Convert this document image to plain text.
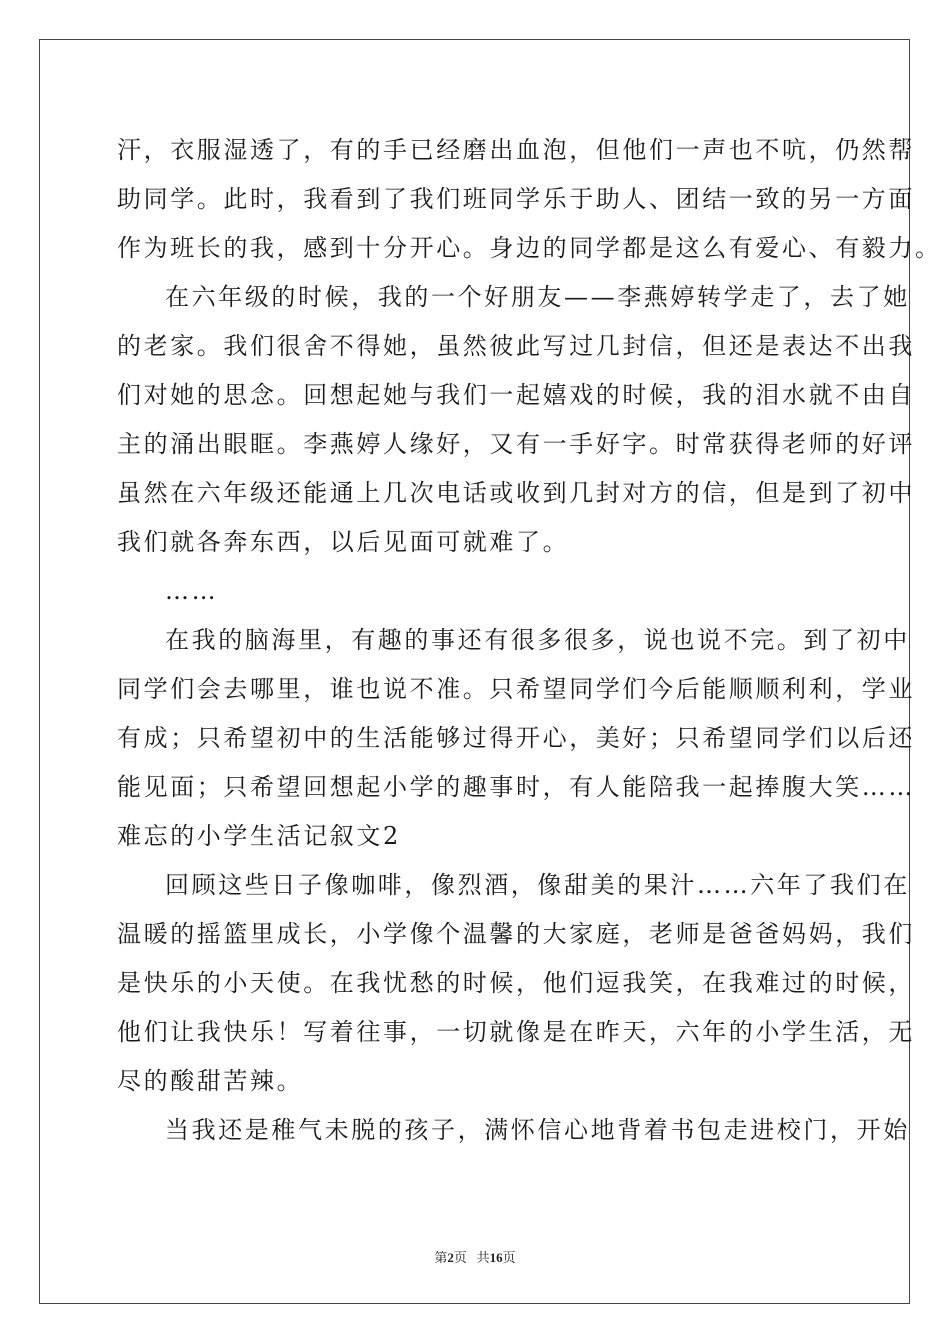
汗，衣服湿透了，有的手已经磨出血泡，但他们一声也不吭，仍然帮
助同学。此时，我看到了我们班同学乐于助人、团结一致的另一方面
作为班长的我，感到十分开心。身边的同学都是这么有爱心、有毅力。
在六年级的时候，我的一个好朋友——李燕婷转学走了，去了她
的老家。我们很舍不得她，虽然彼此写过几封信，但还是表达不出我
们对她的思念。回想起她与我们一起嬉戏的时候，我的泪水就不由自
主的涌出眼眶。李燕婷人缘好，又有一手好字。时常获得老师的好评
虽然在六年级还能通上几次电话或收到几封对方的信，但是到了初中
我们就各奔东西，以后见面可就难了。
……
在我的脑海里，有趣的事还有很多很多，说也说不完。到了初中
同学们会去哪里，谁也说不准。只希望同学们今后能顺顺利利，学业
有成；只希望初中的生活能够过得开心，美好；只希望同学们以后还
能见面；只希望回想起小学的趣事时，有人能陪我一起捧腹大笑……
难忘的小学生活记叙文2
回顾这些日子像咖啡，像烈酒，像甜美的果汁……六年了我们在
温暖的摇篮里成长，小学像个温馨的大家庭，老师是爸爸妈妈，我们
是快乐的小天使。在我忧愁的时候，他们逗我笑，在我难过的时候，
他们让我快乐！写着往事，一切就像是在昨天，六年的小学生活，无
尽的酸甜苦辣。
当我还是稚气未脱的孩子，满怀信心地背着书包走进校门，开始
第2页 共16页
